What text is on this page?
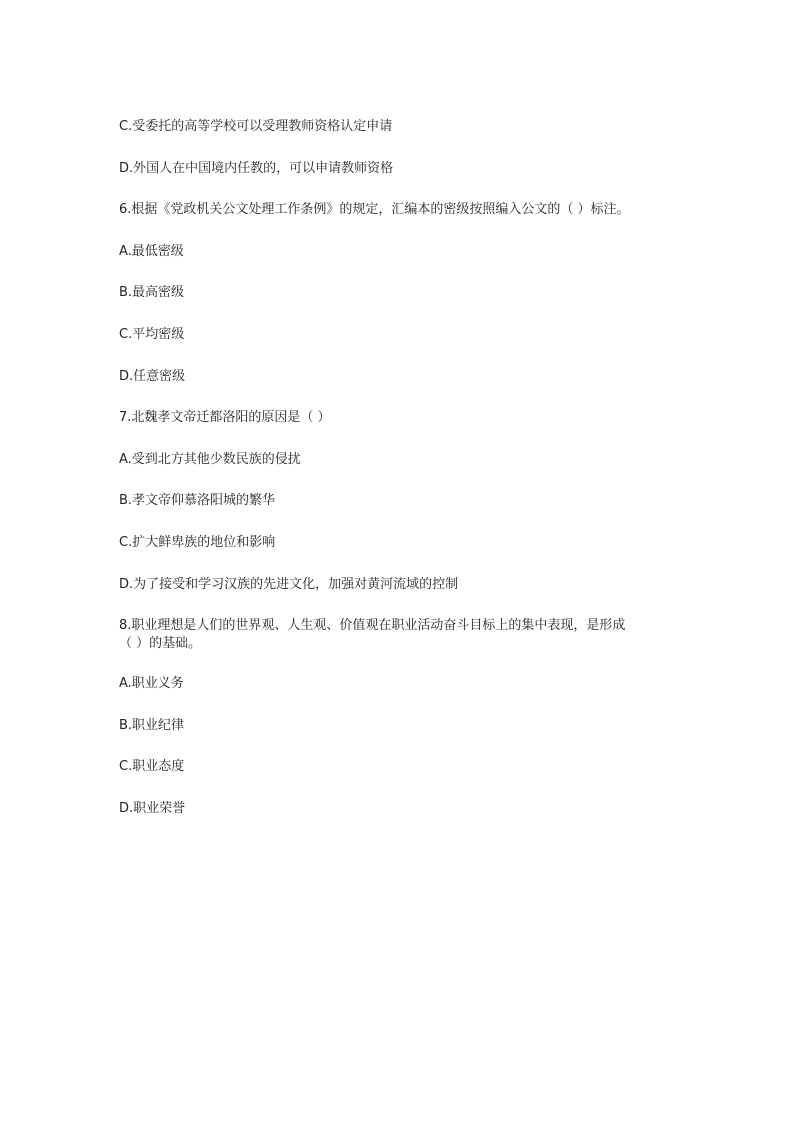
C.受委托的高等学校可以受理教师资格认定申请
D.外国人在中国境内任教的，可以申请教师资格
6.根据《党政机关公文处理工作条例》的规定，汇编本的密级按照编入公文的（ ）标注。
A.最低密级
B.最高密级
C.平均密级
D.任意密级
7.北魏孝文帝迁都洛阳的原因是（ ）
A.受到北方其他少数民族的侵扰
B.孝文帝仰慕洛阳城的繁华
C.扩大鲜卑族的地位和影响
D.为了接受和学习汉族的先进文化，加强对黄河流域的控制
8.职业理想是人们的世界观、人生观、价值观在职业活动奋斗目标上的集中表现，是形成
（ ）的基础。
A.职业义务
B.职业纪律
C.职业态度
D.职业荣誉
